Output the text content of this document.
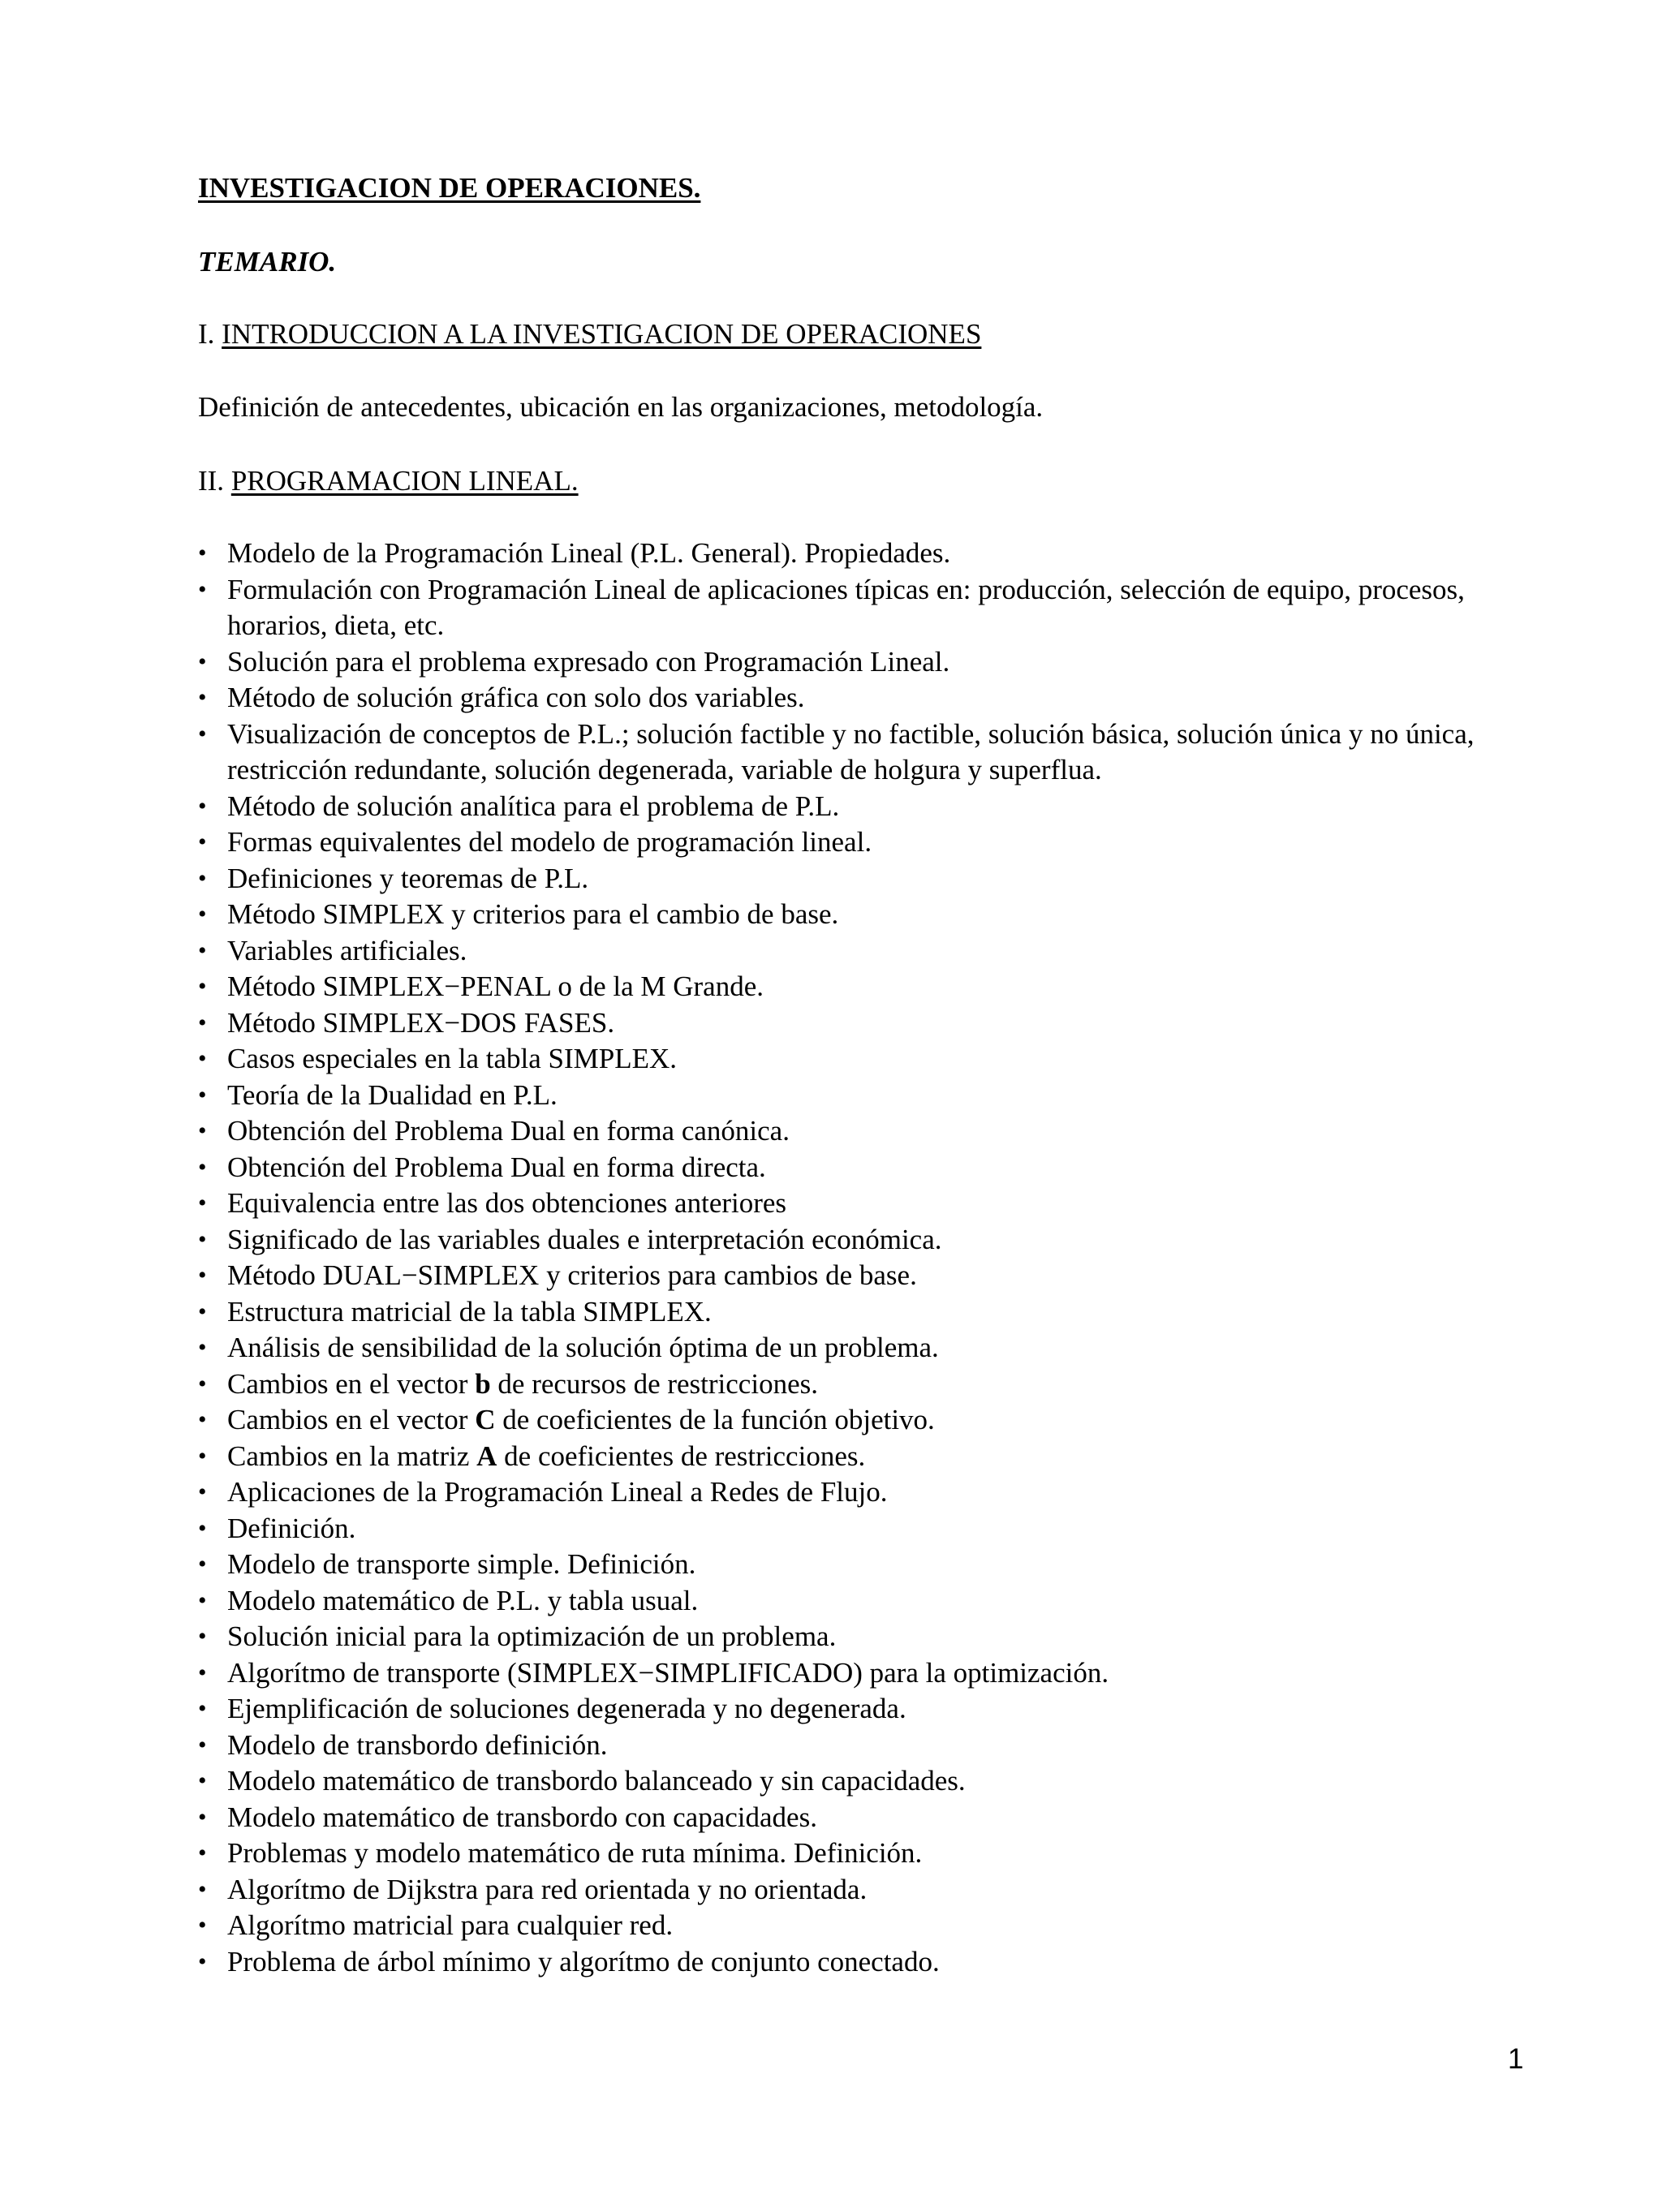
INVESTIGACION DE OPERACIONES.
TEMARIO.

I. INTRODUCCION A LA INVESTIGACION DE OPERACIONES

Definición de antecedentes, ubicación en las organizaciones, metodología.

II. PROGRAMACION LINEAL.

• Modelo de la Programación Lineal (P.L. General). Propiedades.
• Formulación con Programación Lineal de aplicaciones típicas en: producción, selección de equipo, procesos, horarios, dieta, etc.
• Solución para el problema expresado con Programación Lineal.
• Método de solución gráfica con solo dos variables.
• Visualización de conceptos de P.L.; solución factible y no factible, solución básica, solución única y no única, restricción redundante, solución degenerada, variable de holgura y superflua.
• Método de solución analítica para el problema de P.L.
• Formas equivalentes del modelo de programación lineal.
• Definiciones y teoremas de P.L.
• Método SIMPLEX y criterios para el cambio de base.
• Variables artificiales.
• Método SIMPLEX−PENAL o de la M Grande.
• Método SIMPLEX−DOS FASES.
• Casos especiales en la tabla SIMPLEX.
• Teoría de la Dualidad en P.L.
• Obtención del Problema Dual en forma canónica.
• Obtención del Problema Dual en forma directa.
• Equivalencia entre las dos obtenciones anteriores
• Significado de las variables duales e interpretación económica.
• Método DUAL−SIMPLEX y criterios para cambios de base.
• Estructura matricial de la tabla SIMPLEX.
• Análisis de sensibilidad de la solución óptima de un problema.
• Cambios en el vector b de recursos de restricciones.
• Cambios en el vector C de coeficientes de la función objetivo.
• Cambios en la matriz A de coeficientes de restricciones.
• Aplicaciones de la Programación Lineal a Redes de Flujo.
• Definición.
• Modelo de transporte simple. Definición.
• Modelo matemático de P.L. y tabla usual.
• Solución inicial para la optimización de un problema.
• Algorítmo de transporte (SIMPLEX−SIMPLIFICADO) para la optimización.
• Ejemplificación de soluciones degenerada y no degenerada.
• Modelo de transbordo definición.
• Modelo matemático de transbordo balanceado y sin capacidades.
• Modelo matemático de transbordo con capacidades.
• Problemas y modelo matemático de ruta mínima. Definición.
• Algorítmo de Dijkstra para red orientada y no orientada.
• Algorítmo matricial para cualquier red.
• Problema de árbol mínimo y algorítmo de conjunto conectado.

1
